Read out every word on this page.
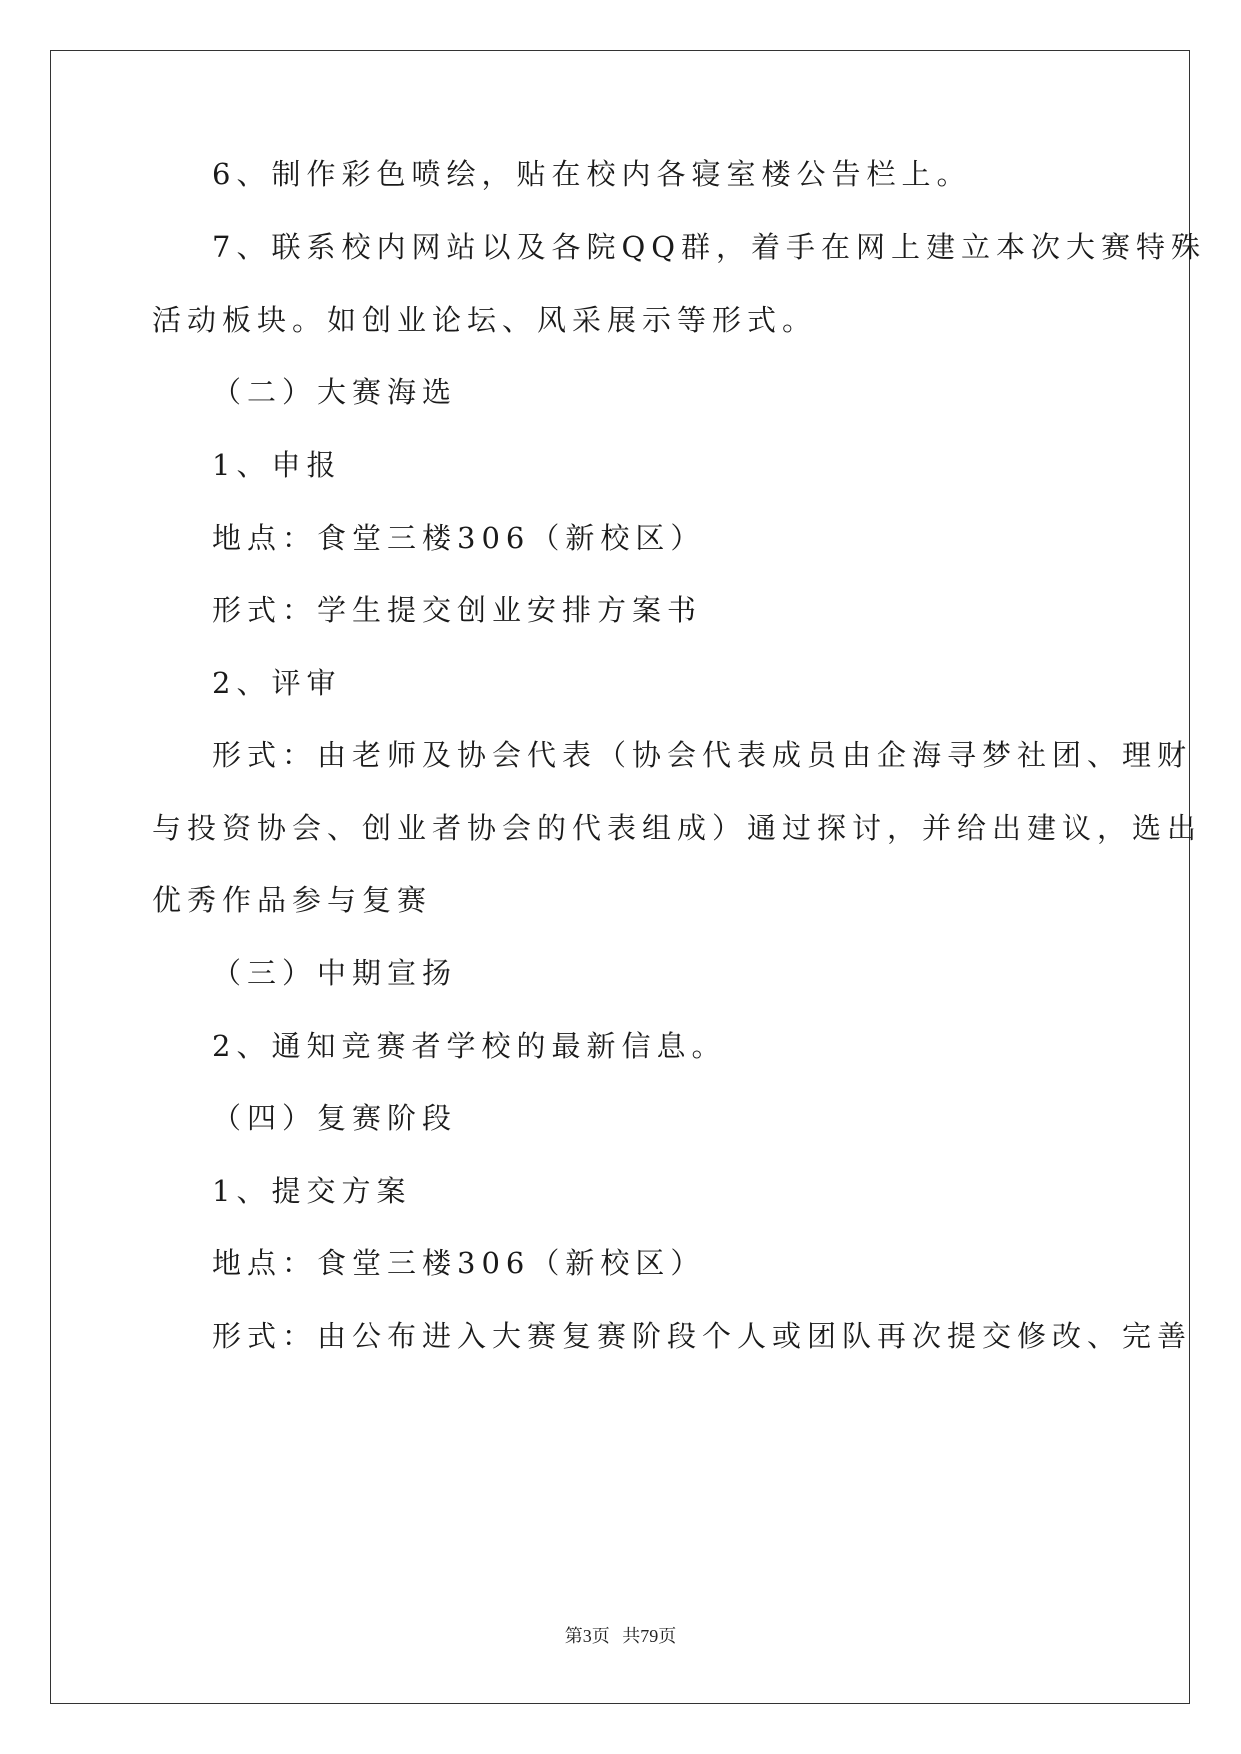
6、制作彩色喷绘，贴在校内各寝室楼公告栏上。
7、联系校内网站以及各院QQ群，着手在网上建立本次大赛特殊
活动板块。如创业论坛、风采展示等形式。
（二）大赛海选
1、申报
地点：食堂三楼306（新校区）
形式：学生提交创业安排方案书
2、评审
形式：由老师及协会代表（协会代表成员由企海寻梦社团、理财
与投资协会、创业者协会的代表组成）通过探讨，并给出建议，选出
优秀作品参与复赛
（三）中期宣扬
2、通知竞赛者学校的最新信息。
（四）复赛阶段
1、提交方案
地点：食堂三楼306（新校区）
形式：由公布进入大赛复赛阶段个人或团队再次提交修改、完善
第3页 共79页
